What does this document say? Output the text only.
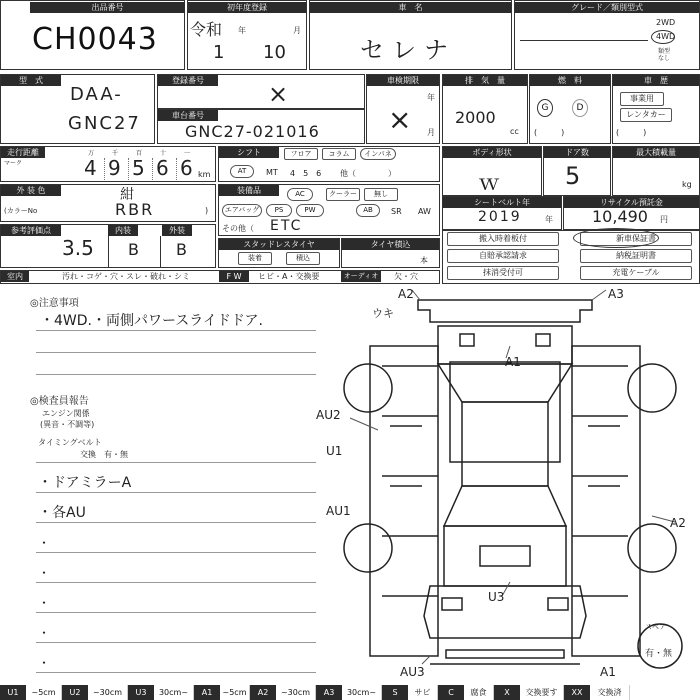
出品番号
CH0043
初年度登録
令和 年	月
1 10
車　名
セレナ
グレード／類別型式
2WD
4WD
類型なし
型　式
DAA-
GNC27
登録番号	×
車台番号
GNC27-021016
車検期限
年
月
×
排　気　量
2000
cc
燃　料
G	D
(　　　)
車　歴
事業用
レンタカー
(　　　)
走行距離
マーク
万
4
千
9
百
5
十
6
一
6 km
シフト	フロア	コラム	インパネ
AT	MT 4　5　6 他（　　　　）
ボディ形状
ｗ
ドア数
5
最大積載量
kg
外 装 色	紺
(カラーNo	RBR	)
装備品	AC	クーラー	無し
エアバッグ	PS	PW	AB	SR AW
その他（ ETC
シートベルト年
2019	年
リサイクル預託金
10,490 円
参考評価点	内装	外装
3.5 B B	スタッドレスタイヤ
装着	積込
タイヤ積込
本
搬入時着板付	新車保証書
自賠承認請求	納税証明書
抹消受付可	充電ケーブル
室内	汚れ・コゲ・穴・スレ・破れ・シミ	F W	ヒビ・A・交換要	オーディオ	欠・穴
◎注意事項
・4WD.・両側パワースライドドア.
◎検査員報告
エンジン関係
(異音・不調等)
タイミングベルト
交換　有・無
・ドアミラーA
・各AU
・
・
・
・
・
A2	A3
ウキ
A1
AU2
U1
AU1
A2
U3
AU3	A1
スペア
有・無
U1	~5cm	U2	~30cm	U3	30cm~	A1	~5cm	A2	~30cm	A3	30cm~	S	サビ	C	腐食	X	交換要す	XX	交換済
